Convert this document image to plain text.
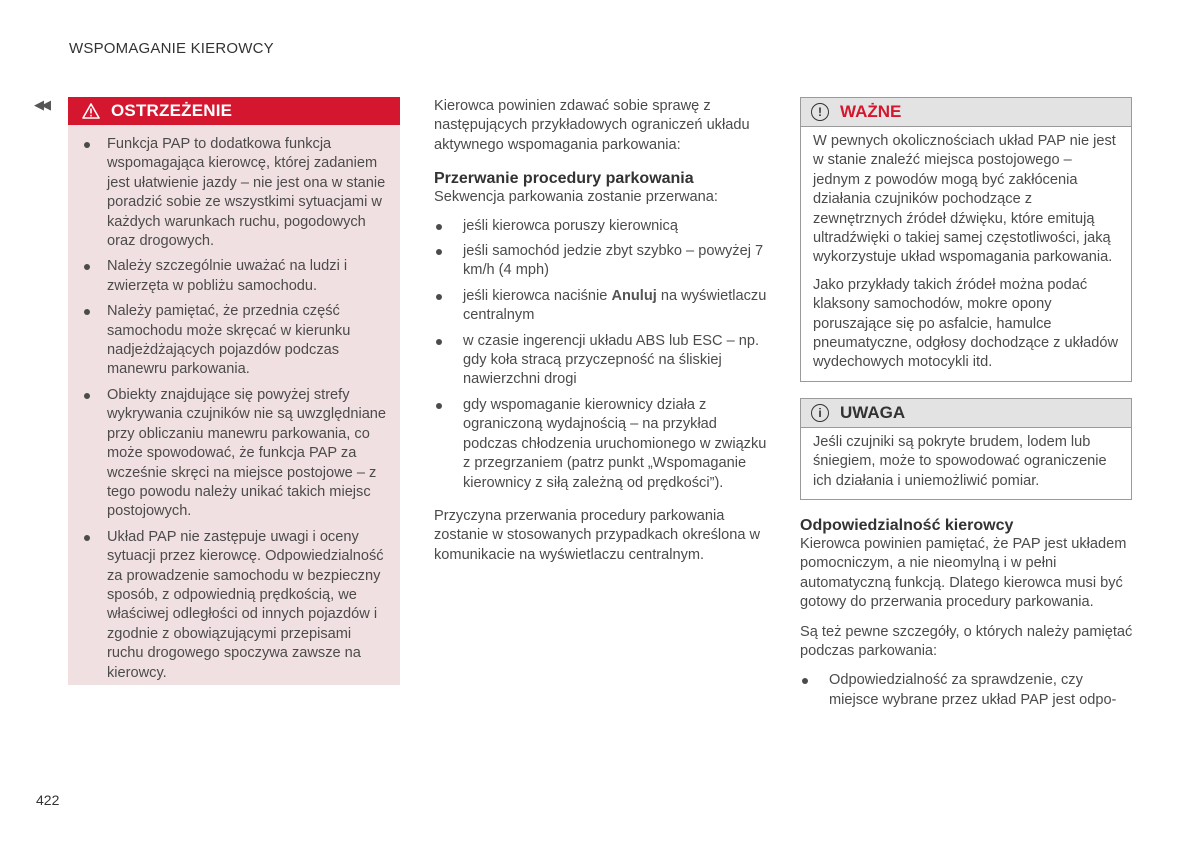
WSPOMAGANIE KIEROWCY
◀◀	OSTRZEŻENIE
Funkcja PAP to dodatkowa funkcja wspomagająca kierowcę, której zadaniem jest ułatwienie jazdy – nie jest ona w stanie poradzić sobie ze wszystkimi sytuacjami w każdych warunkach ruchu, pogodowych oraz drogowych.
Należy szczególnie uważać na ludzi i zwierzęta w pobliżu samochodu.
Należy pamiętać, że przednia część samochodu może skręcać w kierunku nadjeżdżających pojazdów podczas manewru parkowania.
Obiekty znajdujące się powyżej strefy wykrywania czujników nie są uwzględniane przy obliczaniu manewru parkowania, co może spowodować, że funkcja PAP za wcześnie skręci na miejsce postojowe – z tego powodu należy unikać takich miejsc postojowych.
Układ PAP nie zastępuje uwagi i oceny sytuacji przez kierowcę. Odpowiedzialność za prowadzenie samochodu w bezpieczny sposób, z odpowiednią prędkością, we właściwej odległości od innych pojazdów i zgodnie z obowiązującymi przepisami ruchu drogowego spoczywa zawsze na kierowcy.

Kierowca powinien zdawać sobie sprawę z następujących przykładowych ograniczeń układu aktywnego wspomagania parkowania:

Przerwanie procedury parkowania

Sekwencja parkowania zostanie przerwana:

jeśli kierowca poruszy kierownicą
jeśli samochód jedzie zbyt szybko – powyżej 7 km/h (4 mph)
jeśli kierowca naciśnie Anuluj na wyświetlaczu centralnym
w czasie ingerencji układu ABS lub ESC – np. gdy koła stracą przyczepność na śliskiej nawierzchni drogi
gdy wspomaganie kierownicy działa z ograniczoną wydajnością – na przykład podczas chłodzenia uruchomionego w związku z przegrzaniem (patrz punkt „Wspomaganie kierownicy z siłą zależną od prędkości”).

Przyczyna przerwania procedury parkowania zostanie w stosowanych przypadkach określona w komunikacie na wyświetlaczu centralnym.

!	WAŻNE

W pewnych okolicznościach układ PAP nie jest w stanie znaleźć miejsca postojowego – jednym z powodów mogą być zakłócenia działania czujników pochodzące z zewnętrznych źródeł dźwięku, które emitują ultradźwięki o takiej samej częstotliwości, jaką wykorzystuje układ wspomagania parkowania.

Jako przykłady takich źródeł można podać klaksony samochodów, mokre opony poruszające się po asfalcie, hamulce pneumatyczne, odgłosy dochodzące z układów wydechowych motocykli itd.

i	UWAGA

Jeśli czujniki są pokryte brudem, lodem lub śniegiem, może to spowodować ograniczenie ich działania i uniemożliwić pomiar.

Odpowiedzialność kierowcy

Kierowca powinien pamiętać, że PAP jest układem pomocniczym, a nie nieomylną i w pełni automatyczną funkcją. Dlatego kierowca musi być gotowy do przerwania procedury parkowania.

Są też pewne szczegóły, o których należy pamiętać podczas parkowania:

Odpowiedzialność za sprawdzenie, czy miejsce wybrane przez układ PAP jest odpo-
422
